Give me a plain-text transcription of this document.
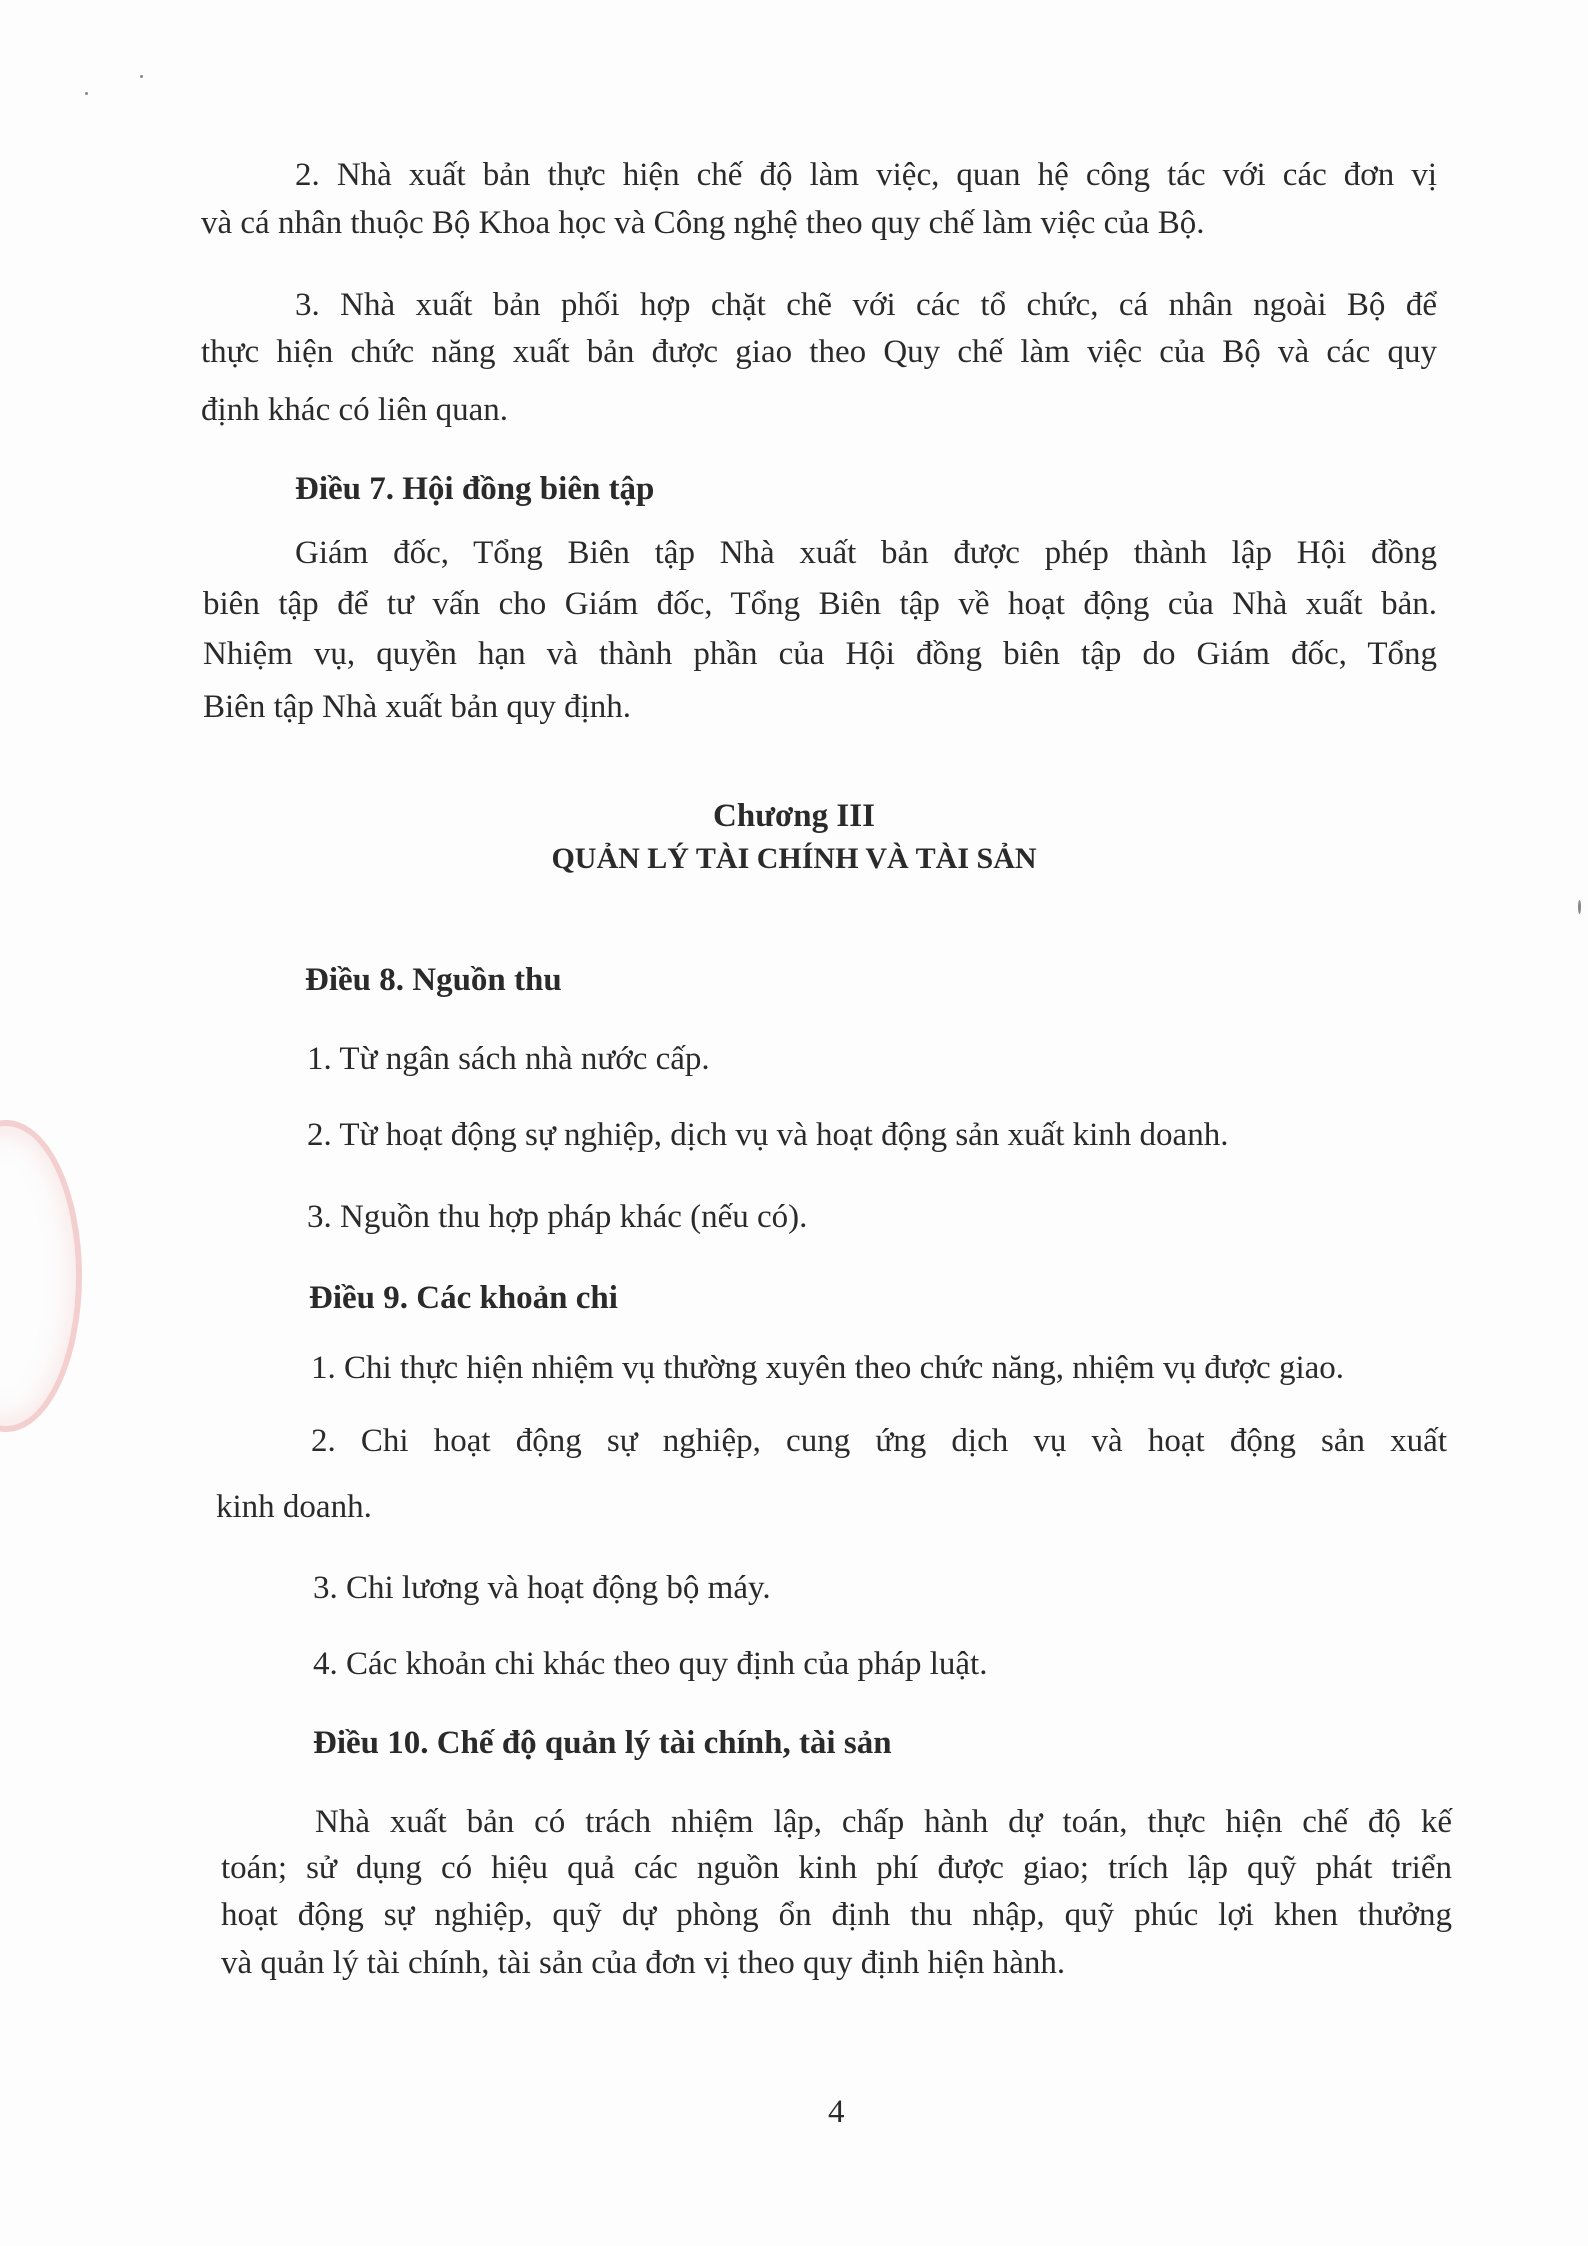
2. Nhà xuất bản thực hiện chế độ làm việc, quan hệ công tác với các đơn vị
và cá nhân thuộc Bộ Khoa học và Công nghệ theo quy chế làm việc của Bộ.
3. Nhà xuất bản phối hợp chặt chẽ với các tổ chức, cá nhân ngoài Bộ để
thực hiện chức năng xuất bản được giao theo Quy chế làm việc của Bộ và các quy
định khác có liên quan.
Điều 7. Hội đồng biên tập
Giám đốc, Tổng Biên tập Nhà xuất bản được phép thành lập Hội đồng
biên tập để tư vấn cho Giám đốc, Tổng Biên tập về hoạt động của Nhà xuất bản.
Nhiệm vụ, quyền hạn và thành phần của Hội đồng biên tập do Giám đốc, Tổng
Biên tập Nhà xuất bản quy định.
Chương III
QUẢN LÝ TÀI CHÍNH VÀ TÀI SẢN
Điều 8. Nguồn thu
1. Từ ngân sách nhà nước cấp.
2. Từ hoạt động sự nghiệp, dịch vụ và hoạt động sản xuất kinh doanh.
3. Nguồn thu hợp pháp khác (nếu có).
Điều 9. Các khoản chi
1. Chi thực hiện nhiệm vụ thường xuyên theo chức năng, nhiệm vụ được giao.
2. Chi hoạt động sự nghiệp, cung ứng dịch vụ và hoạt động sản xuất
kinh doanh.
3. Chi lương và hoạt động bộ máy.
4. Các khoản chi khác theo quy định của pháp luật.
Điều 10. Chế độ quản lý tài chính, tài sản
Nhà xuất bản có trách nhiệm lập, chấp hành dự toán, thực hiện chế độ kế
toán; sử dụng có hiệu quả các nguồn kinh phí được giao; trích lập quỹ phát triển
hoạt động sự nghiệp, quỹ dự phòng ổn định thu nhập, quỹ phúc lợi khen thưởng
và quản lý tài chính, tài sản của đơn vị theo quy định hiện hành.
4
